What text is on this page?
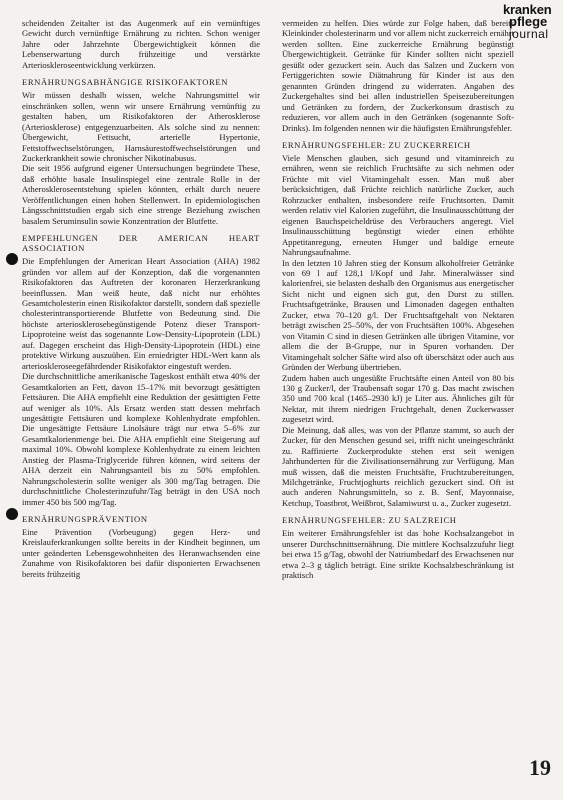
kranken
pflege
journal

scheidenden Zeitalter ist das Augenmerk auf ein vernünftiges Gewicht durch vernünftige Ernährung zu richten. Schon weniger Jahre oder Jahrzehnte Übergewichtigkeit können die Lebenserwartung durch frühzeitige und verstärkte Arterioskleroseentwicklung verkürzen.

ERNÄHRUNGSABHÄNGIGE RISIKOFAKTOREN

Wir müssen deshalb wissen, welche Nahrungsmittel wir einschränken sollen, wenn wir unsere Ernährung vernünftig zu gestalten haben, um Risikofaktoren der Atherosklerose (Arteriosklerose) entgegenzuarbeiten. Als solche sind zu nennen: Übergewicht, Fettsucht, arterielle Hypertonie, Fettstoffwechselstörungen, Harnsäurestoffwechselstörungen und Zuckerkrankheit sowie chronischer Nikotinabusus.

Die seit 1956 aufgrund eigener Untersuchungen begründete These, daß erhöhte basale Insulinspiegel eine zentrale Rolle in der Atheroskleroseentstehung spielen könnten, erhält durch neuere Veröffentlichungen einen hohen Stellenwert. In epidemiologischen Längsschnittstudien ergab sich eine strenge Beziehung zwischen basalem Seruminsulin sowie Konzentration der Blutfette.

EMPFEHLUNGEN DER AMERICAN HEART ASSOCIATION

Die Empfehlungen der American Heart Association (AHA) 1982 gründen vor allem auf der Konzeption, daß die vorgenannten Risikofaktoren das Auftreten der koronaren Herzerkrankung beeinflussen. Man weiß heute, daß nicht nur erhöhtes Gesamtcholesterin einen Risikofaktor darstellt, sondern daß spezielle cholesterintransportierende Blutfette von Bedeutung sind. Die höchste arteriosklerosebegünstigende Potenz dieser Transport-Lipoproteine weist das sogenannte Low-Density-Lipoprotein (LDL) auf. Dagegen erscheint das High-Density-Lipoprotein (HDL) eine protektive Wirkung auszuüben. Ein erniedrigter HDL-Wert kann als arterioskleroseegefährdender Risikofaktor eingestuft werden.

Die durchschnittliche amerikanische Tageskost enthält etwa 40% der Gesamtkalorien an Fett, davon 15–17% mit bevorzugt gesättigten Fettsäuren. Die AHA empfiehlt eine Reduktion der gesättigten Fette auf weniger als 10%. Als Ersatz werden statt dessen mehrfach ungesättigte Fettsäuren und komplexe Kohlenhydrate empfohlen. Die ungesättigte Fettsäure Linolsäure trägt nur etwa 5–6% zur Gesamtkalorienmenge bei. Die AHA empfiehlt eine Steigerung auf maximal 10%. Obwohl komplexe Kohlenhydrate zu einem leichten Anstieg der Plasma-Triglyceride führen können, wird seitens der AHA derzeit ein Nahrungsanteil bis zu 50% empfohlen. Nahrungscholesterin sollte weniger als 300 mg/Tag betragen. Die durchschnittliche Cholesterinzufuhr/Tag beträgt in den USA noch immer 450 bis 500 mg/Tag.

ERNÄHRUNGSPRÄVENTION

Eine Prävention (Vorbeugung) gegen Herz- und Kreislauferkrankungen sollte bereits in der Kindheit beginnen, um unter geänderten Lebensgewohnheiten des Heranwachsenden eine Zunahme von Risikofaktoren bei dafür disponierten Erwachsenen bereits frühzeitig

vermeiden zu helfen. Dies würde zur Folge haben, daß bereits Kleinkinder cholesterinarm und vor allem nicht zuckerreich ernährt werden sollten. Eine zuckerreiche Ernährung begünstigt Übergewichtigkeit. Getränke für Kinder sollten nicht speziell gesüßt oder gezuckert sein. Auch das Salzen und Zuckern von Fertiggerichten sowie Diätnahrung für Kinder ist aus den genannten Gründen dringend zu widerraten. Angaben des Zuckergehaltes sind bei allen industriellen Speisezubereitungen und Getränken zu fordern, der Zuckerkonsum drastisch zu reduzieren, vor allem auch in den Getränken (sogenannte Soft-Drinks). Im folgenden nennen wir die häufigsten Ernährungsfehler.

ERNÄHRUNGSFEHLER: ZU ZUCKERREICH

Viele Menschen glauben, sich gesund und vitaminreich zu ernähren, wenn sie reichlich Fruchtsäfte zu sich nehmen oder Früchte mit viel Vitamingehalt essen. Man muß aber berücksichtigen, daß Früchte reichlich natürliche Zucker, auch Rohrzucker enthalten, insbesondere reife Fruchtsorten. Damit werden relativ viel Kalorien zugeführt, die Insulinausschüttung der eigenen Bauchspeicheldrüse des Verbrauchers angeregt. Viel Insulinausschüttung begünstigt wieder einen erhöhte Appetitanregung, erneuten Hunger und baldige erneute Nahrungsaufnahme.

In den letzten 10 Jahren stieg der Konsum alkoholfreier Getränke von 69 l auf 128,1 l/Kopf und Jahr. Mineralwässer sind kalorienfrei, sie belasten deshalb den Organismus aus energetischer Sicht nicht und eignen sich gut, den Durst zu stillen. Fruchtsaftgetränke, Brausen und Limonaden dagegen enthalten Zucker, etwa 70–120 g/l. Der Fruchtsaftgehalt von Nektaren beträgt zwischen 25–50%, der von Fruchtsäften 100%. Abgesehen von Vitamin C sind in diesen Getränken alle übrigen Vitamine, vor allem die der B-Gruppe, nur in Spuren vorhanden. Der Vitamingehalt solcher Säfte wird also oft überschätzt oder auch aus Gründen der Werbung übertrieben.

Zudem haben auch ungesüßte Fruchtsäfte einen Anteil von 80 bis 130 g Zucker/l, der Traubensaft sogar 170 g. Das macht zwischen 350 und 700 kcal (1465–2930 kJ) je Liter aus. Ähnliches gilt für Nektar, mit ihrem niedrigen Fruchtgehalt, denen Zuckerwasser zugesetzt wird.

Die Meinung, daß alles, was von der Pflanze stammt, so auch der Zucker, für den Menschen gesund sei, trifft nicht uneingeschränkt zu. Raffinierte Zuckerprodukte stehen erst seit wenigen Jahrhunderten für die Zivilisationsernährung zur Verfügung. Man muß wissen, daß die meisten Fruchtsäfte, Fruchtzubereitungen, Milchgetränke, Fruchtjoghurts reichlich gezuckert sind. Oft ist auch anderen Nahrungsmitteln, so z. B. Senf, Mayonnaise, Ketchup, Toastbrot, Weißbrot, Salamiwurst u. a., Zucker zugesetzt.

ERNÄHRUNGSFEHLER: ZU SALZREICH

Ein weiterer Ernährungsfehler ist das hohe Kochsalzangebot in unserer Durchschnittsernährung. Die mittlere Kochsalzzufuhr liegt bei etwa 15 g/Tag, obwohl der Natriumbedarf des Erwachsenen nur etwa 2–3 g täglich beträgt. Eine strikte Kochsalzbeschränkung ist praktisch

19
